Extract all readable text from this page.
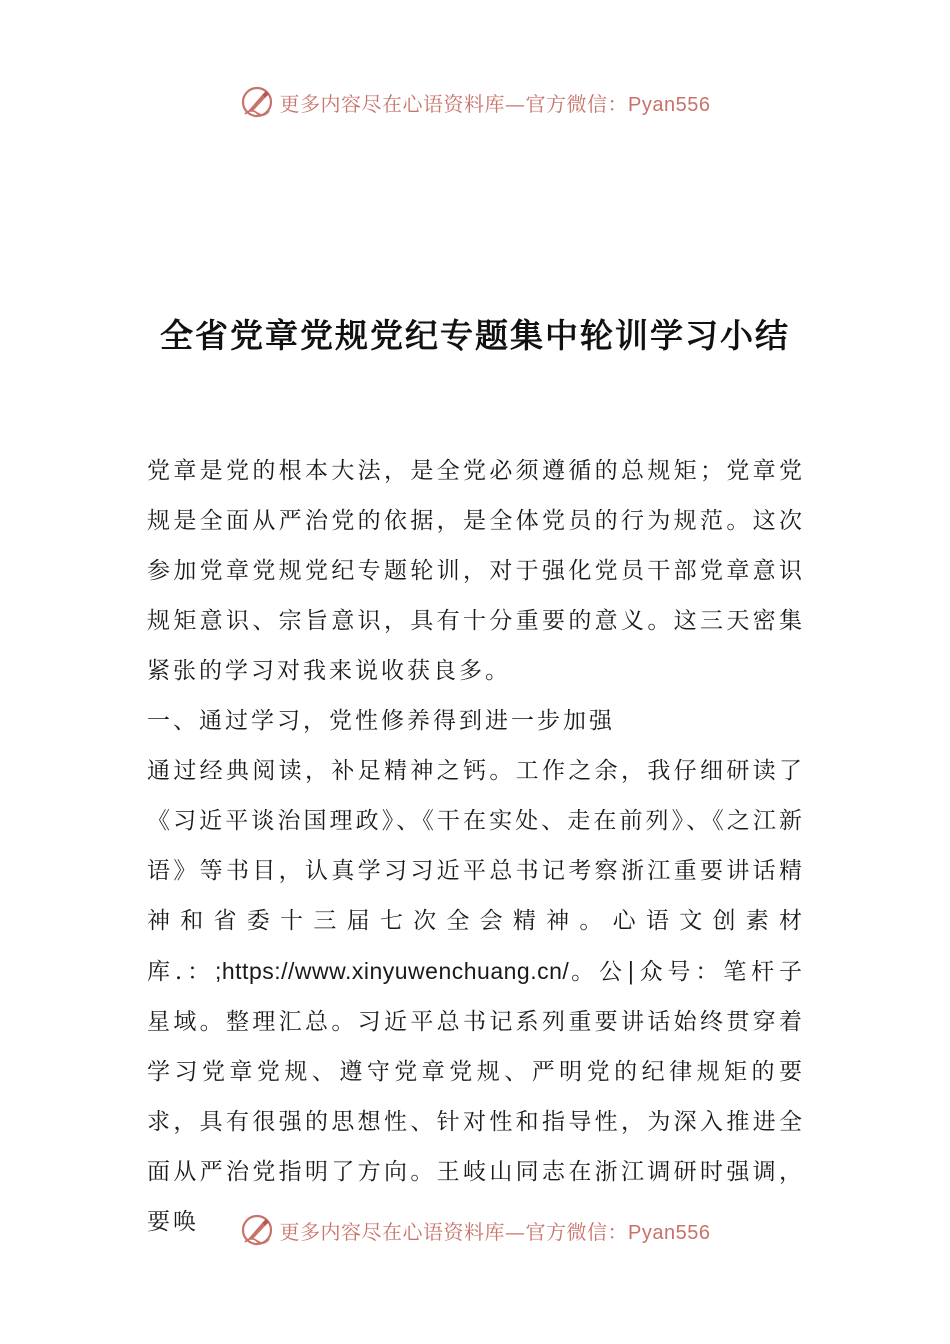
更多内容尽在心语资料库—官方微信：Pyan556
全省党章党规党纪专题集中轮训学习小结

党章是党的根本大法，是全党必须遵循的总规矩；党章党规是全面从严治党的依据，是全体党员的行为规范。这次参加党章党规党纪专题轮训，对于强化党员干部党章意识规矩意识、宗旨意识，具有十分重要的意义。这三天密集紧张的学习对我来说收获良多。

一、通过学习，党性修养得到进一步加强

通过经典阅读，补足精神之钙。工作之余，我仔细研读了《习近平谈治国理政》、《干在实处、走在前列》、《之江新语》等书目，认真学习习近平总书记考察浙江重要讲话精神和省委十三届七次全会精神。心语文创素材库.：;https://www.xinyuwenchuang.cn/。公|众号：笔杆子星域。整理汇总。习近平总书记系列重要讲话始终贯穿着学习党章党规、遵守党章党规、严明党的纪律规矩的要求，具有很强的思想性、针对性和指导性，为深入推进全面从严治党指明了方向。王岐山同志在浙江调研时强调，要唤	更多内容尽在心语资料库—官方微信：Pyan556
